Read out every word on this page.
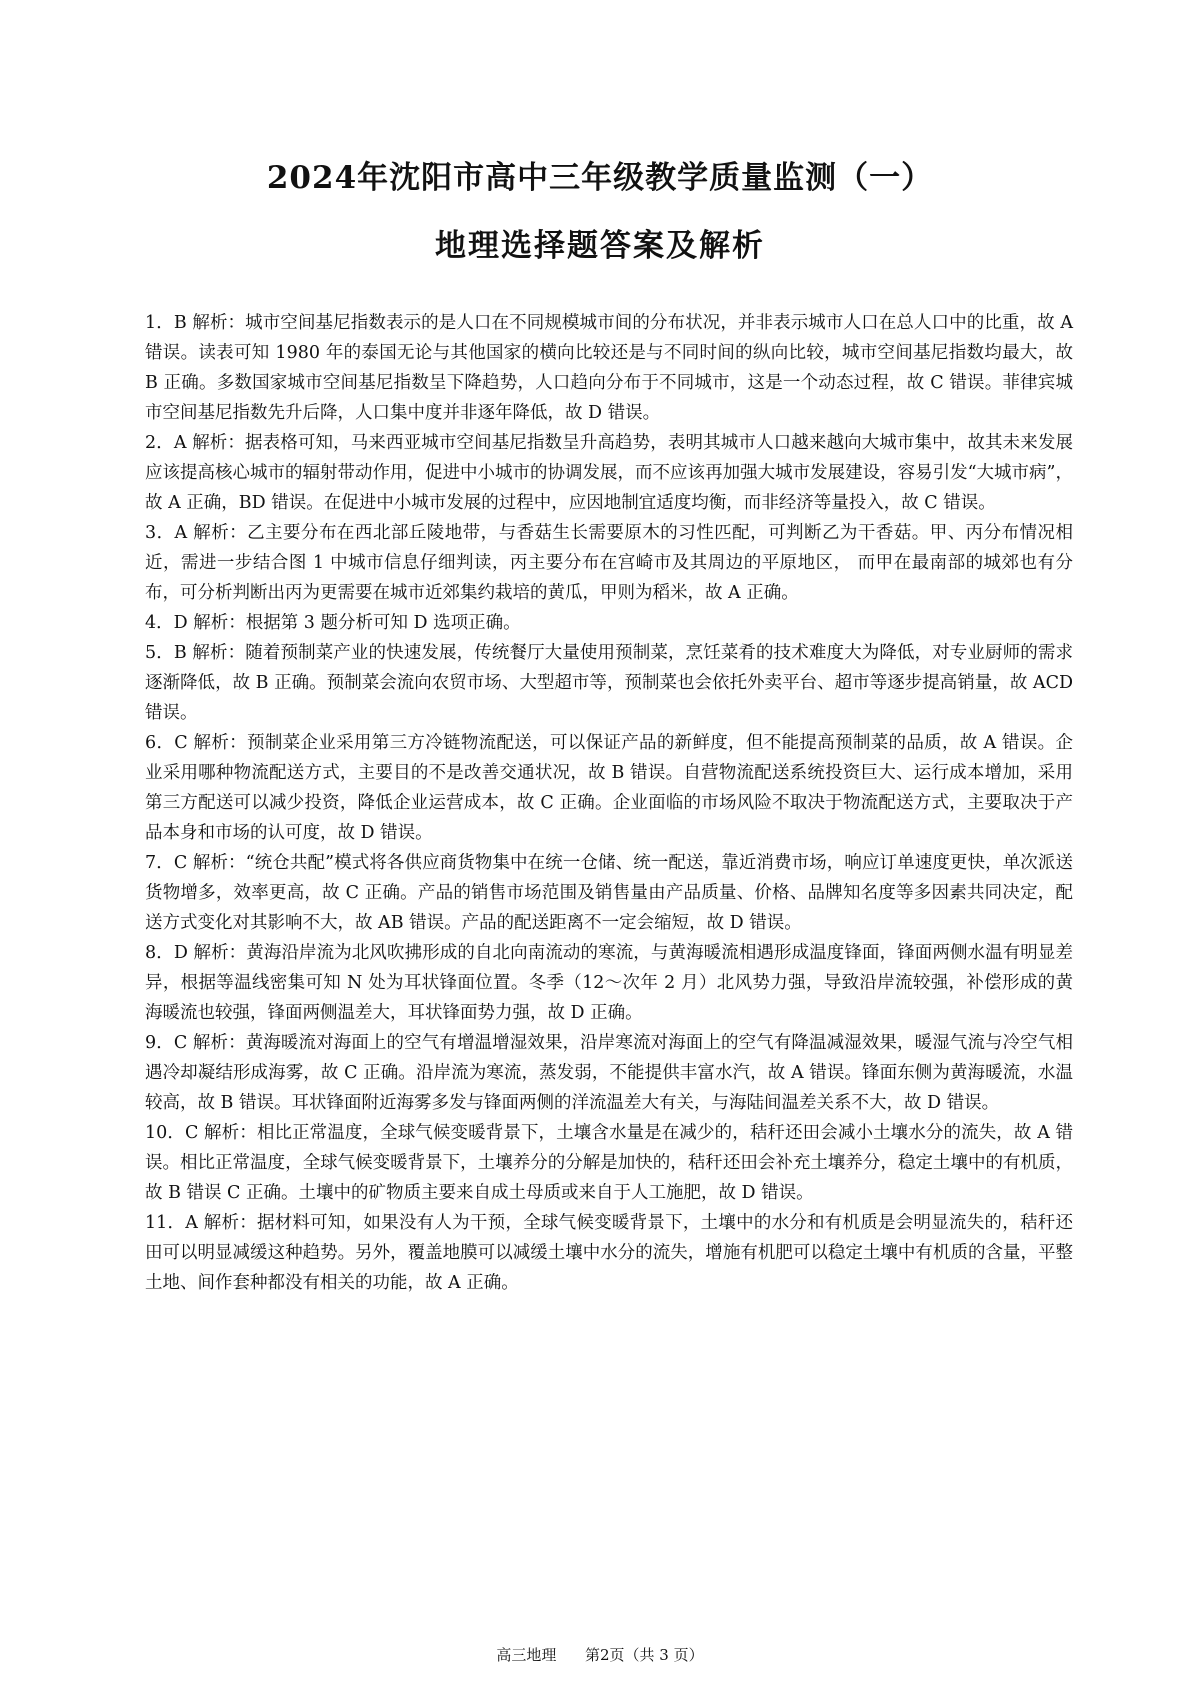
2024年沈阳市高中三年级教学质量监测（一）
地理选择题答案及解析

1．B 解析：城市空间基尼指数表示的是人口在不同规模城市间的分布状况，并非表示城市人口在总人口中的比重，故 A 错误。读表可知 1980 年的泰国无论与其他国家的横向比较还是与不同时间的纵向比较，城市空间基尼指数均最大，故 B 正确。多数国家城市空间基尼指数呈下降趋势，人口趋向分布于不同城市，这是一个动态过程，故 C 错误。菲律宾城市空间基尼指数先升后降，人口集中度并非逐年降低，故 D 错误。

2．A 解析：据表格可知，马来西亚城市空间基尼指数呈升高趋势，表明其城市人口越来越向大城市集中，故其未来发展应该提高核心城市的辐射带动作用，促进中小城市的协调发展，而不应该再加强大城市发展建设，容易引发“大城市病”，故 A 正确，BD 错误。在促进中小城市发展的过程中，应因地制宜适度均衡，而非经济等量投入，故 C 错误。

3．A 解析：乙主要分布在西北部丘陵地带，与香菇生长需要原木的习性匹配，可判断乙为干香菇。甲、丙分布情况相近，需进一步结合图 1 中城市信息仔细判读，丙主要分布在宫崎市及其周边的平原地区， 而甲在最南部的城郊也有分布，可分析判断出丙为更需要在城市近郊集约栽培的黄瓜，甲则为稻米，故 A 正确。

4．D 解析：根据第 3 题分析可知 D 选项正确。

5．B 解析：随着预制菜产业的快速发展，传统餐厅大量使用预制菜，烹饪菜肴的技术难度大为降低，对专业厨师的需求逐渐降低，故 B 正确。预制菜会流向农贸市场、大型超市等，预制菜也会依托外卖平台、超市等逐步提高销量，故 ACD 错误。

6．C 解析：预制菜企业采用第三方冷链物流配送，可以保证产品的新鲜度，但不能提高预制菜的品质，故 A 错误。企业采用哪种物流配送方式，主要目的不是改善交通状况，故 B 错误。自营物流配送系统投资巨大、运行成本增加，采用第三方配送可以减少投资，降低企业运营成本，故 C 正确。企业面临的市场风险不取决于物流配送方式，主要取决于产品本身和市场的认可度，故 D 错误。

7．C 解析：“统仓共配”模式将各供应商货物集中在统一仓储、统一配送，靠近消费市场，响应订单速度更快，单次派送货物增多，效率更高，故 C 正确。产品的销售市场范围及销售量由产品质量、价格、品牌知名度等多因素共同决定，配送方式变化对其影响不大，故 AB 错误。产品的配送距离不一定会缩短，故 D 错误。

8．D 解析：黄海沿岸流为北风吹拂形成的自北向南流动的寒流，与黄海暖流相遇形成温度锋面，锋面两侧水温有明显差异，根据等温线密集可知 N 处为耳状锋面位置。冬季（12～次年 2 月）北风势力强，导致沿岸流较强，补偿形成的黄海暖流也较强，锋面两侧温差大，耳状锋面势力强，故 D 正确。

9．C 解析：黄海暖流对海面上的空气有增温增湿效果，沿岸寒流对海面上的空气有降温减湿效果，暖湿气流与冷空气相遇冷却凝结形成海雾，故 C 正确。沿岸流为寒流，蒸发弱，不能提供丰富水汽，故 A 错误。锋面东侧为黄海暖流，水温较高，故 B 错误。耳状锋面附近海雾多发与锋面两侧的洋流温差大有关，与海陆间温差关系不大，故 D 错误。

10．C 解析：相比正常温度，全球气候变暖背景下，土壤含水量是在减少的，秸秆还田会减小土壤水分的流失，故 A 错误。相比正常温度，全球气候变暖背景下，土壤养分的分解是加快的，秸秆还田会补充土壤养分，稳定土壤中的有机质，故 B 错误 C 正确。土壤中的矿物质主要来自成土母质或来自于人工施肥，故 D 错误。

11．A 解析：据材料可知，如果没有人为干预，全球气候变暖背景下，土壤中的水分和有机质是会明显流失的，秸秆还田可以明显减缓这种趋势。另外，覆盖地膜可以减缓土壤中水分的流失，增施有机肥可以稳定土壤中有机质的含量，平整土地、间作套种都没有相关的功能，故 A 正确。

高三地理 第2页（共 3 页）
